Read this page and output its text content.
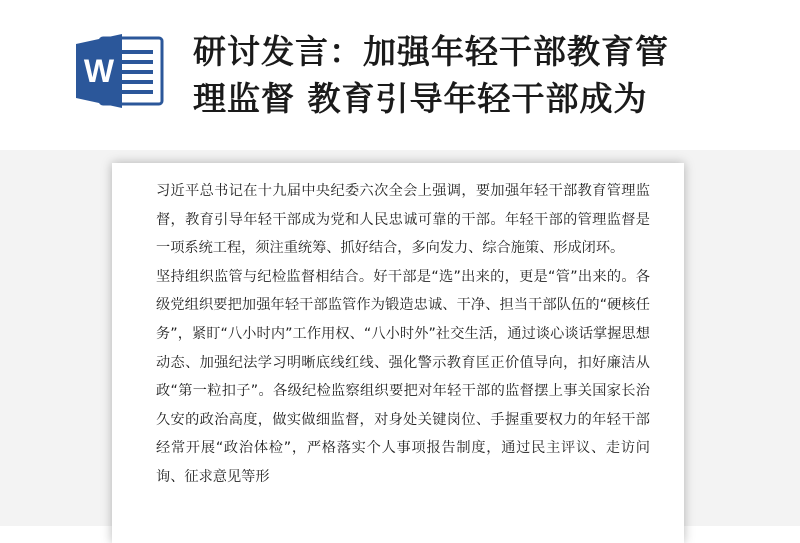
W 研讨发言：加强年轻干部教育管
理监督 教育引导年轻干部成为

习近平总书记在十九届中央纪委六次全会上强调，要加强年轻干部教育管理监督，教育引导年轻干部成为党和人民忠诚可靠的干部。年轻干部的管理监督是一项系统工程，须注重统筹、抓好结合，多向发力、综合施策、形成闭环。

坚持组织监管与纪检监督相结合。好干部是“选”出来的，更是“管”出来的。各级党组织要把加强年轻干部监管作为锻造忠诚、干净、担当干部队伍的“硬核任务”，紧盯“八小时内”工作用权、“八小时外”社交生活，通过谈心谈话掌握思想动态、加强纪法学习明晰底线红线、强化警示教育匡正价值导向，扣好廉洁从政“第一粒扣子”。各级纪检监察组织要把对年轻干部的监督摆上事关国家长治久安的政治高度，做实做细监督，对身处关键岗位、手握重要权力的年轻干部经常开展“政治体检”，严格落实个人事项报告制度，通过民主评议、走访问询、征求意见等形
